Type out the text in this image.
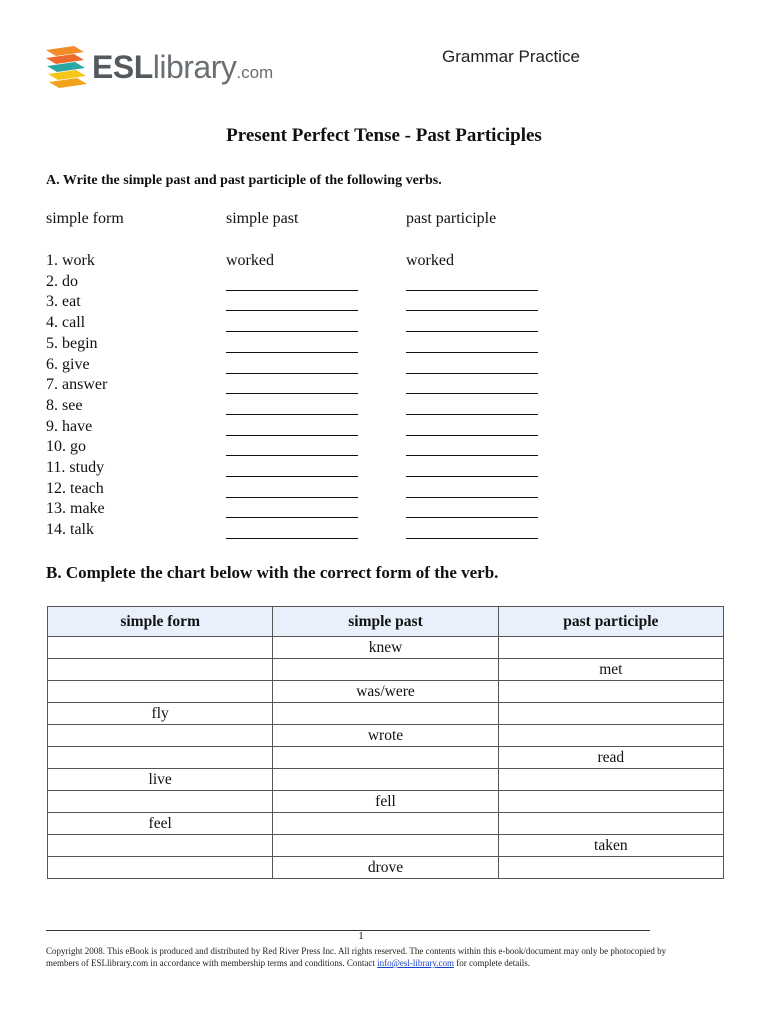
ESLlibrary.com
Grammar Practice
Present Perfect Tense - Past Participles
A. Write the simple past and past participle of the following verbs.
simple form	simple past	past participle
1. work	worked	worked
2. do
3. eat
4. call
5. begin
6. give
7. answer
8. see
9. have
10. go
11. study
12. teach
13. make
14. talk
B. Complete the chart below with the correct form of the verb.
simple form	simple past	past participle
	knew	
		met
	was/were	
fly		
	wrote	
		read
live		
	fell	
feel		
		taken
	drove	
1
Copyright 2008. This eBook is produced and distributed by Red River Press Inc. All rights reserved. The contents within this e-book/document may only be photocopied by members of ESLlibrary.com in accordance with membership terms and conditions. Contact info@esl-library.com for complete details.
